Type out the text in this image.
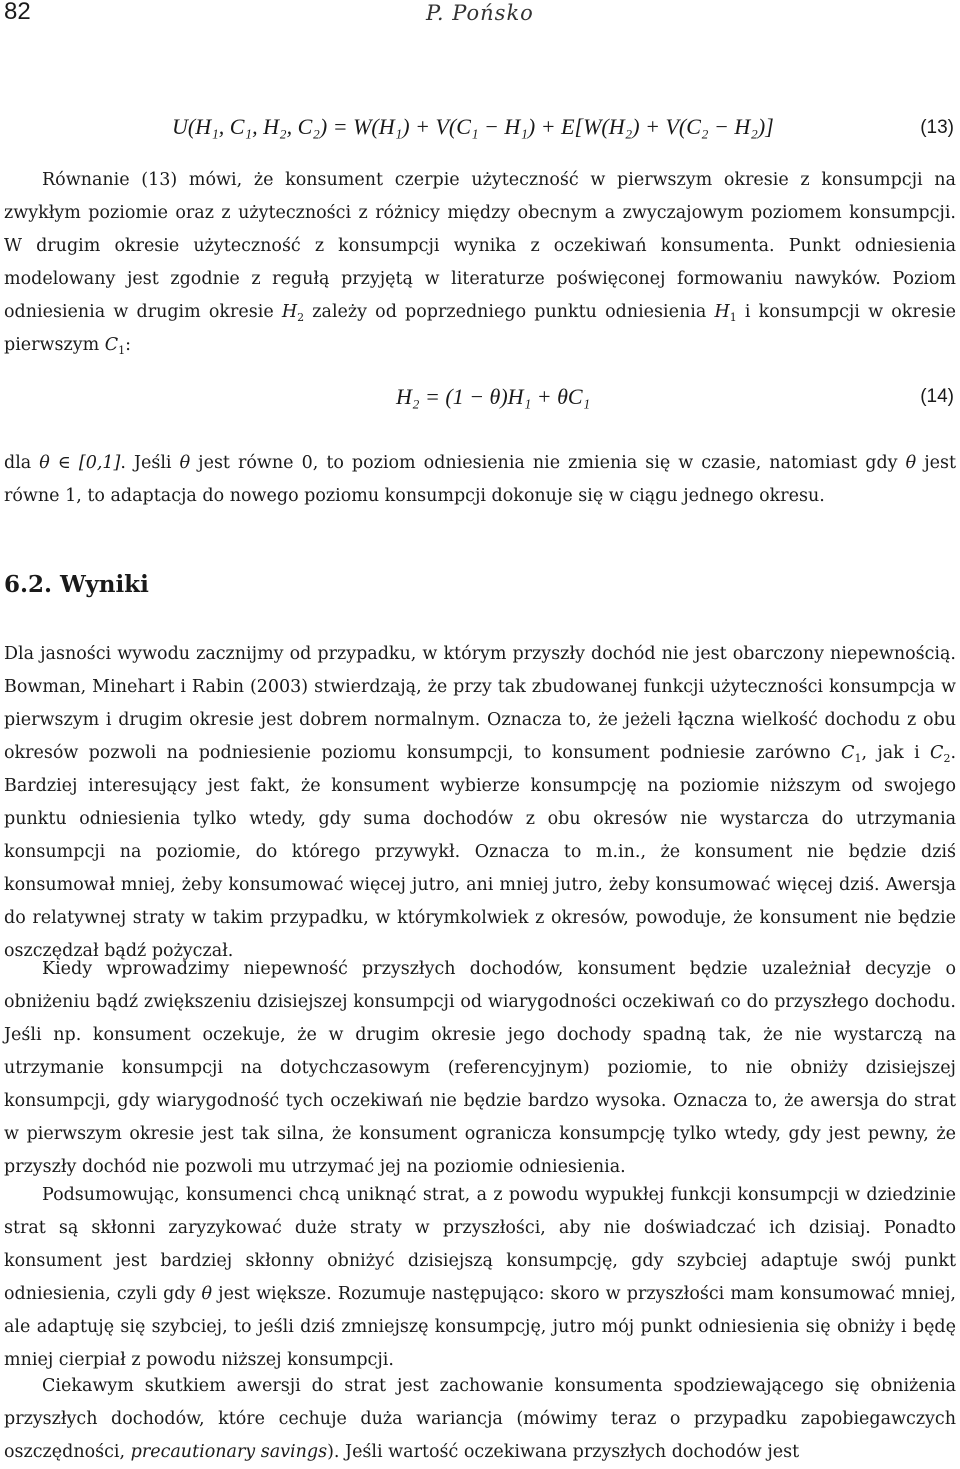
82	P. Pońsko
U(H₁, C₁, H₂, C₂) = W(H₁) + V(C₁ − H₁) + E[W(H₂) + V(C₂ − H₂)]	(13)

Równanie (13) mówi, że konsument czerpie użyteczność w pierwszym okresie z konsumpcji na zwykłym poziomie oraz z użyteczności z różnicy między obecnym a zwyczajowym poziomem konsumpcji. W drugim okresie użyteczność z konsumpcji wynika z oczekiwań konsumenta. Punkt odniesienia modelowany jest zgodnie z regułą przyjętą w literaturze poświęconej formowaniu nawyków. Poziom odniesienia w drugim okresie $H_2$ zależy od poprzedniego punktu odniesienia $H_1$ i konsumpcji w okresie pierwszym $C_1$:

H₂ = (1 − θ)H₁ + θC₁	(14)

dla θ ∈ [0,1]. Jeśli θ jest równe 0, to poziom odniesienia nie zmienia się w czasie, natomiast gdy θ jest równe 1, to adaptacja do nowego poziomu konsumpcji dokonuje się w ciągu jednego okresu.

6.2. Wyniki

Dla jasności wywodu zacznijmy od przypadku, w którym przyszły dochód nie jest obarczony niepewnością. Bowman, Minehart i Rabin (2003) stwierdzają, że przy tak zbudowanej funkcji użyteczności konsumpcja w pierwszym i drugim okresie jest dobrem normalnym. Oznacza to, że jeżeli łączna wielkość dochodu z obu okresów pozwoli na podniesienie poziomu konsumpcji, to konsument podniesie zarówno $C_1$, jak i $C_2$. Bardziej interesujący jest fakt, że konsument wybierze konsumpcję na poziomie niższym od swojego punktu odniesienia tylko wtedy, gdy suma dochodów z obu okresów nie wystarcza do utrzymania konsumpcji na poziomie, do którego przywykł. Oznacza to m.in., że konsument nie będzie dziś konsumował mniej, żeby konsumować więcej jutro, ani mniej jutro, żeby konsumować więcej dziś. Awersja do relatywnej straty w takim przypadku, w którymkolwiek z okresów, powoduje, że konsument nie będzie oszczędzał bądź pożyczał.

Kiedy wprowadzimy niepewność przyszłych dochodów, konsument będzie uzależniał decyzje o obniżeniu bądź zwiększeniu dzisiejszej konsumpcji od wiarygodności oczekiwań co do przyszłego dochodu. Jeśli np. konsument oczekuje, że w drugim okresie jego dochody spadną tak, że nie wystarczą na utrzymanie konsumpcji na dotychczasowym (referencyjnym) poziomie, to nie obniży dzisiejszej konsumpcji, gdy wiarygodność tych oczekiwań nie będzie bardzo wysoka. Oznacza to, że awersja do strat w pierwszym okresie jest tak silna, że konsument ogranicza konsumpcję tylko wtedy, gdy jest pewny, że przyszły dochód nie pozwoli mu utrzymać jej na poziomie odniesienia.

Podsumowując, konsumenci chcą uniknąć strat, a z powodu wypukłej funkcji konsumpcji w dziedzinie strat są skłonni zaryzykować duże straty w przyszłości, aby nie doświadczać ich dzisiaj. Ponadto konsument jest bardziej skłonny obniżyć dzisiejszą konsumpcję, gdy szybciej adaptuje swój punkt odniesienia, czyli gdy θ jest większe. Rozumuje następująco: skoro w przyszłości mam konsumować mniej, ale adaptuję się szybciej, to jeśli dziś zmniejszę konsumpcję, jutro mój punkt odniesienia się obniży i będę mniej cierpiał z powodu niższej konsumpcji.

Ciekawym skutkiem awersji do strat jest zachowanie konsumenta spodziewającego się obniżenia przyszłych dochodów, które cechuje duża wariancja (mówimy teraz o przypadku zapobiegawczych oszczędności, precautionary savings). Jeśli wartość oczekiwana przyszłych dochodów jest
